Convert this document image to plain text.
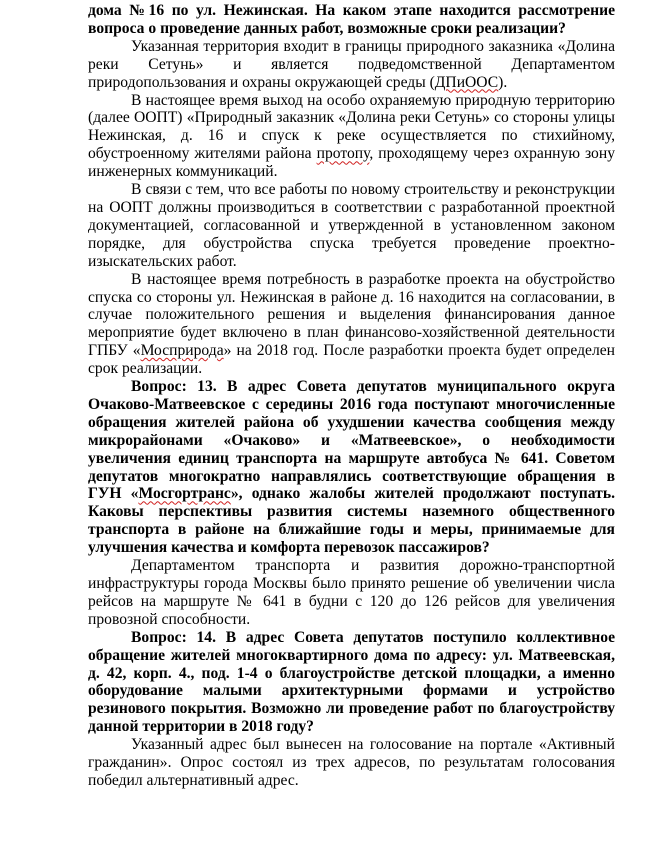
дома №16 по ул. Нежинская. На каком этапе находится рассмотрение вопроса о проведение данных работ, возможные сроки реализации?

Указанная территория входит в границы природного заказника «Долина реки Сетунь» и является подведомственной Департаментом природопользования и охраны окружающей среды (ДПиООС).

В настоящее время выход на особо охраняемую природную территорию (далее ООПТ) «Природный заказник «Долина реки Сетунь» со стороны улицы Нежинская, д. 16 и спуск к реке осуществляется по стихийному, обустроенному жителями района протопу, проходящему через охранную зону инженерных коммуникаций.

В связи с тем, что все работы по новому строительству и реконструкции на ООПТ должны производиться в соответствии с разработанной проектной документацией, согласованной и утвержденной в установленном законом порядке, для обустройства спуска требуется проведение проектно-изыскательских работ.

В настоящее время потребность в разработке проекта на обустройство спуска со стороны ул. Нежинская в районе д. 16 находится на согласовании, в случае положительного решения и выделения финансирования данное мероприятие будет включено в план финансово-хозяйственной деятельности ГПБУ «Мосприрода» на 2018 год. После разработки проекта будет определен срок реализации.

Вопрос: 13. В адрес Совета депутатов муниципального округа Очаково-Матвеевское с середины 2016 года поступают многочисленные обращения жителей района об ухудшении качества сообщения между микрорайонами «Очаково» и «Матвеевское», о необходимости увеличения единиц транспорта на маршруте автобуса № 641. Советом депутатов многократно направлялись соответствующие обращения в ГУН «Мосгортранс», однако жалобы жителей продолжают поступать. Каковы перспективы развития системы наземного общественного транспорта в районе на ближайшие годы и меры, принимаемые для улучшения качества и комфорта перевозок пассажиров?

Департаментом транспорта и развития дорожно-транспортной инфраструктуры города Москвы было принято решение об увеличении числа рейсов на маршруте № 641 в будни с 120 до 126 рейсов для увеличения провозной способности.

Вопрос: 14. В адрес Совета депутатов поступило коллективное обращение жителей многоквартирного дома по адресу: ул. Матвеевская, д. 42, корп. 4., под. 1-4 о благоустройстве детской площадки, а именно оборудование малыми архитектурными формами и устройство резинового покрытия. Возможно ли проведение работ по благоустройству данной территории в 2018 году?

Указанный адрес был вынесен на голосование на портале «Активный гражданин». Опрос состоял из трех адресов, по результатам голосования победил альтернативный адрес.
